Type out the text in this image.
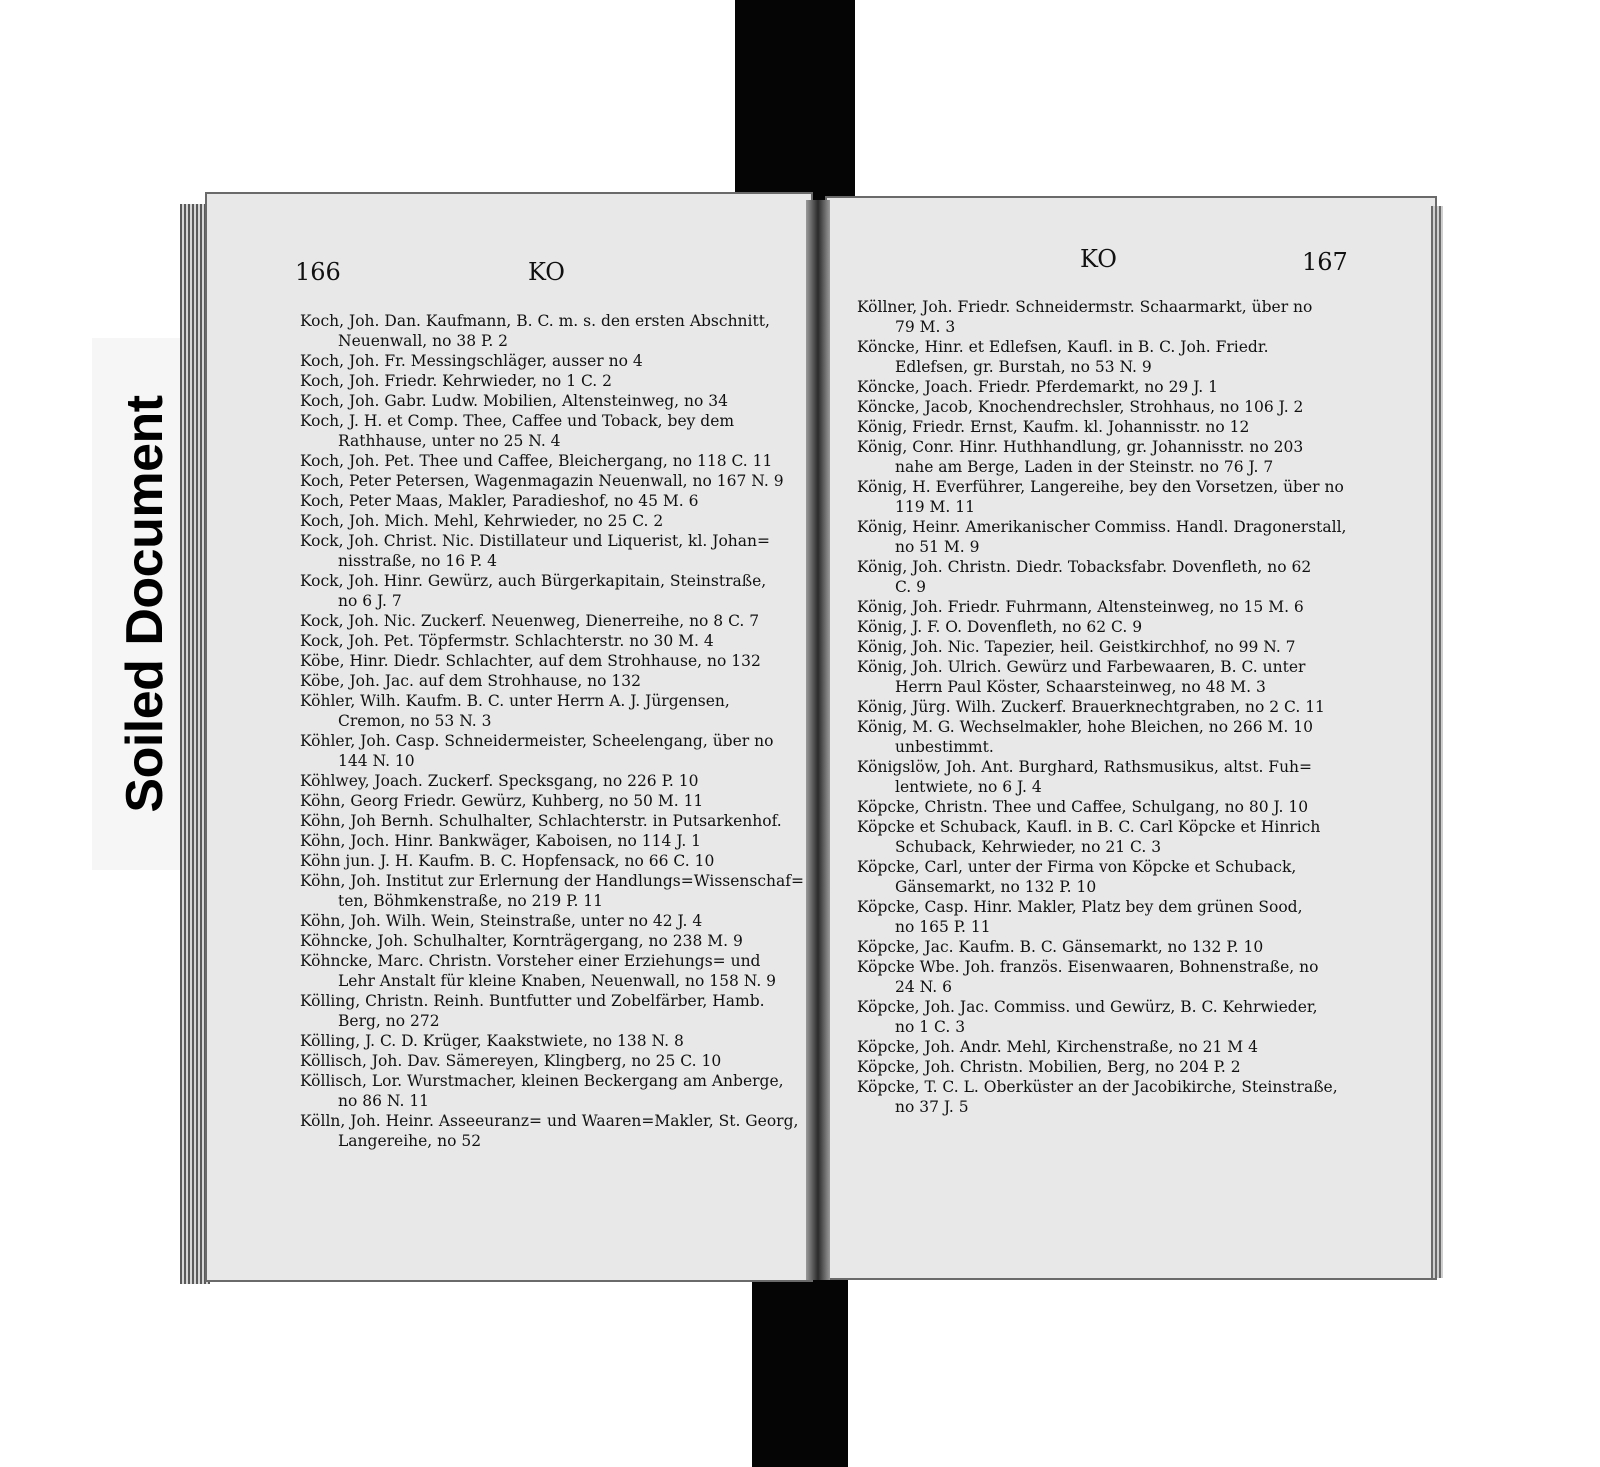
Soiled Document
166	KO
Koch, Joh. Dan. Kaufmann, B. C. m. s. den ersten Abschnitt,
Neuenwall, no 38 P. 2
Koch, Joh. Fr. Messingschläger, ausser no 4
Koch, Joh. Friedr. Kehrwieder, no 1 C. 2
Koch, Joh. Gabr. Ludw. Mobilien, Altensteinweg, no 34
Koch, J. H. et Comp. Thee, Caffee und Toback, bey dem
Rathhause, unter no 25 N. 4
Koch, Joh. Pet. Thee und Caffee, Bleichergang, no 118 C. 11
Koch, Peter Petersen, Wagenmagazin Neuenwall, no 167 N. 9
Koch, Peter Maas, Makler, Paradieshof, no 45 M. 6
Koch, Joh. Mich. Mehl, Kehrwieder, no 25 C. 2
Kock, Joh. Christ. Nic. Distillateur und Liquerist, kl. Johan=
nisstraße, no 16 P. 4
Kock, Joh. Hinr. Gewürz, auch Bürgerkapitain, Steinstraße,
no 6 J. 7
Kock, Joh. Nic. Zuckerf. Neuenweg, Dienerreihe, no 8 C. 7
Kock, Joh. Pet. Töpfermstr. Schlachterstr. no 30 M. 4
Köbe, Hinr. Diedr. Schlachter, auf dem Strohhause, no 132
Köbe, Joh. Jac. auf dem Strohhause, no 132
Köhler, Wilh. Kaufm. B. C. unter Herrn A. J. Jürgensen,
Cremon, no 53 N. 3
Köhler, Joh. Casp. Schneidermeister, Scheelengang, über no
144 N. 10
Köhlwey, Joach. Zuckerf. Specksgang, no 226 P. 10
Köhn, Georg Friedr. Gewürz, Kuhberg, no 50 M. 11
Köhn, Joh Bernh. Schulhalter, Schlachterstr. in Putsarkenhof.
Köhn, Joch. Hinr. Bankwäger, Kaboisen, no 114 J. 1
Köhn jun. J. H. Kaufm. B. C. Hopfensack, no 66 C. 10
Köhn, Joh. Institut zur Erlernung der Handlungs=Wissenschaf=
ten, Böhmkenstraße, no 219 P. 11
Köhn, Joh. Wilh. Wein, Steinstraße, unter no 42 J. 4
Köhncke, Joh. Schulhalter, Kornträgergang, no 238 M. 9
Köhncke, Marc. Christn. Vorsteher einer Erziehungs= und
Lehr Anstalt für kleine Knaben, Neuenwall, no 158 N. 9
Kölling, Christn. Reinh. Buntfutter und Zobelfärber, Hamb.
Berg, no 272
Kölling, J. C. D. Krüger, Kaakstwiete, no 138 N. 8
Köllisch, Joh. Dav. Sämereyen, Klingberg, no 25 C. 10
Köllisch, Lor. Wurstmacher, kleinen Beckergang am Anberge,
no 86 N. 11
Kölln, Joh. Heinr. Asseeuranz= und Waaren=Makler, St. Georg,
Langereihe, no 52
KO	167
Köllner, Joh. Friedr. Schneidermstr. Schaarmarkt, über no
79 M. 3
Köncke, Hinr. et Edlefsen, Kaufl. in B. C. Joh. Friedr.
Edlefsen, gr. Burstah, no 53 N. 9
Köncke, Joach. Friedr. Pferdemarkt, no 29 J. 1
Köncke, Jacob, Knochendrechsler, Strohhaus, no 106 J. 2
König, Friedr. Ernst, Kaufm. kl. Johannisstr. no 12
König, Conr. Hinr. Huthhandlung, gr. Johannisstr. no 203
nahe am Berge, Laden in der Steinstr. no 76 J. 7
König, H. Everführer, Langereihe, bey den Vorsetzen, über no
119 M. 11
König, Heinr. Amerikanischer Commiss. Handl. Dragonerstall,
no 51 M. 9
König, Joh. Christn. Diedr. Tobacksfabr. Dovenfleth, no 62
C. 9
König, Joh. Friedr. Fuhrmann, Altensteinweg, no 15 M. 6
König, J. F. O. Dovenfleth, no 62 C. 9
König, Joh. Nic. Tapezier, heil. Geistkirchhof, no 99 N. 7
König, Joh. Ulrich. Gewürz und Farbewaaren, B. C. unter
Herrn Paul Köster, Schaarsteinweg, no 48 M. 3
König, Jürg. Wilh. Zuckerf. Brauerknechtgraben, no 2 C. 11
König, M. G. Wechselmakler, hohe Bleichen, no 266 M. 10
unbestimmt.
Königslöw, Joh. Ant. Burghard, Rathsmusikus, altst. Fuh=
lentwiete, no 6 J. 4
Köpcke, Christn. Thee und Caffee, Schulgang, no 80 J. 10
Köpcke et Schuback, Kaufl. in B. C. Carl Köpcke et Hinrich
Schuback, Kehrwieder, no 21 C. 3
Köpcke, Carl, unter der Firma von Köpcke et Schuback,
Gänsemarkt, no 132 P. 10
Köpcke, Casp. Hinr. Makler, Platz bey dem grünen Sood,
no 165 P. 11
Köpcke, Jac. Kaufm. B. C. Gänsemarkt, no 132 P. 10
Köpcke Wbe. Joh. französ. Eisenwaaren, Bohnenstraße, no
24 N. 6
Köpcke, Joh. Jac. Commiss. und Gewürz, B. C. Kehrwieder,
no 1 C. 3
Köpcke, Joh. Andr. Mehl, Kirchenstraße, no 21 M 4
Köpcke, Joh. Christn. Mobilien, Berg, no 204 P. 2
Köpcke, T. C. L. Oberküster an der Jacobikirche, Steinstraße,
no 37 J. 5
